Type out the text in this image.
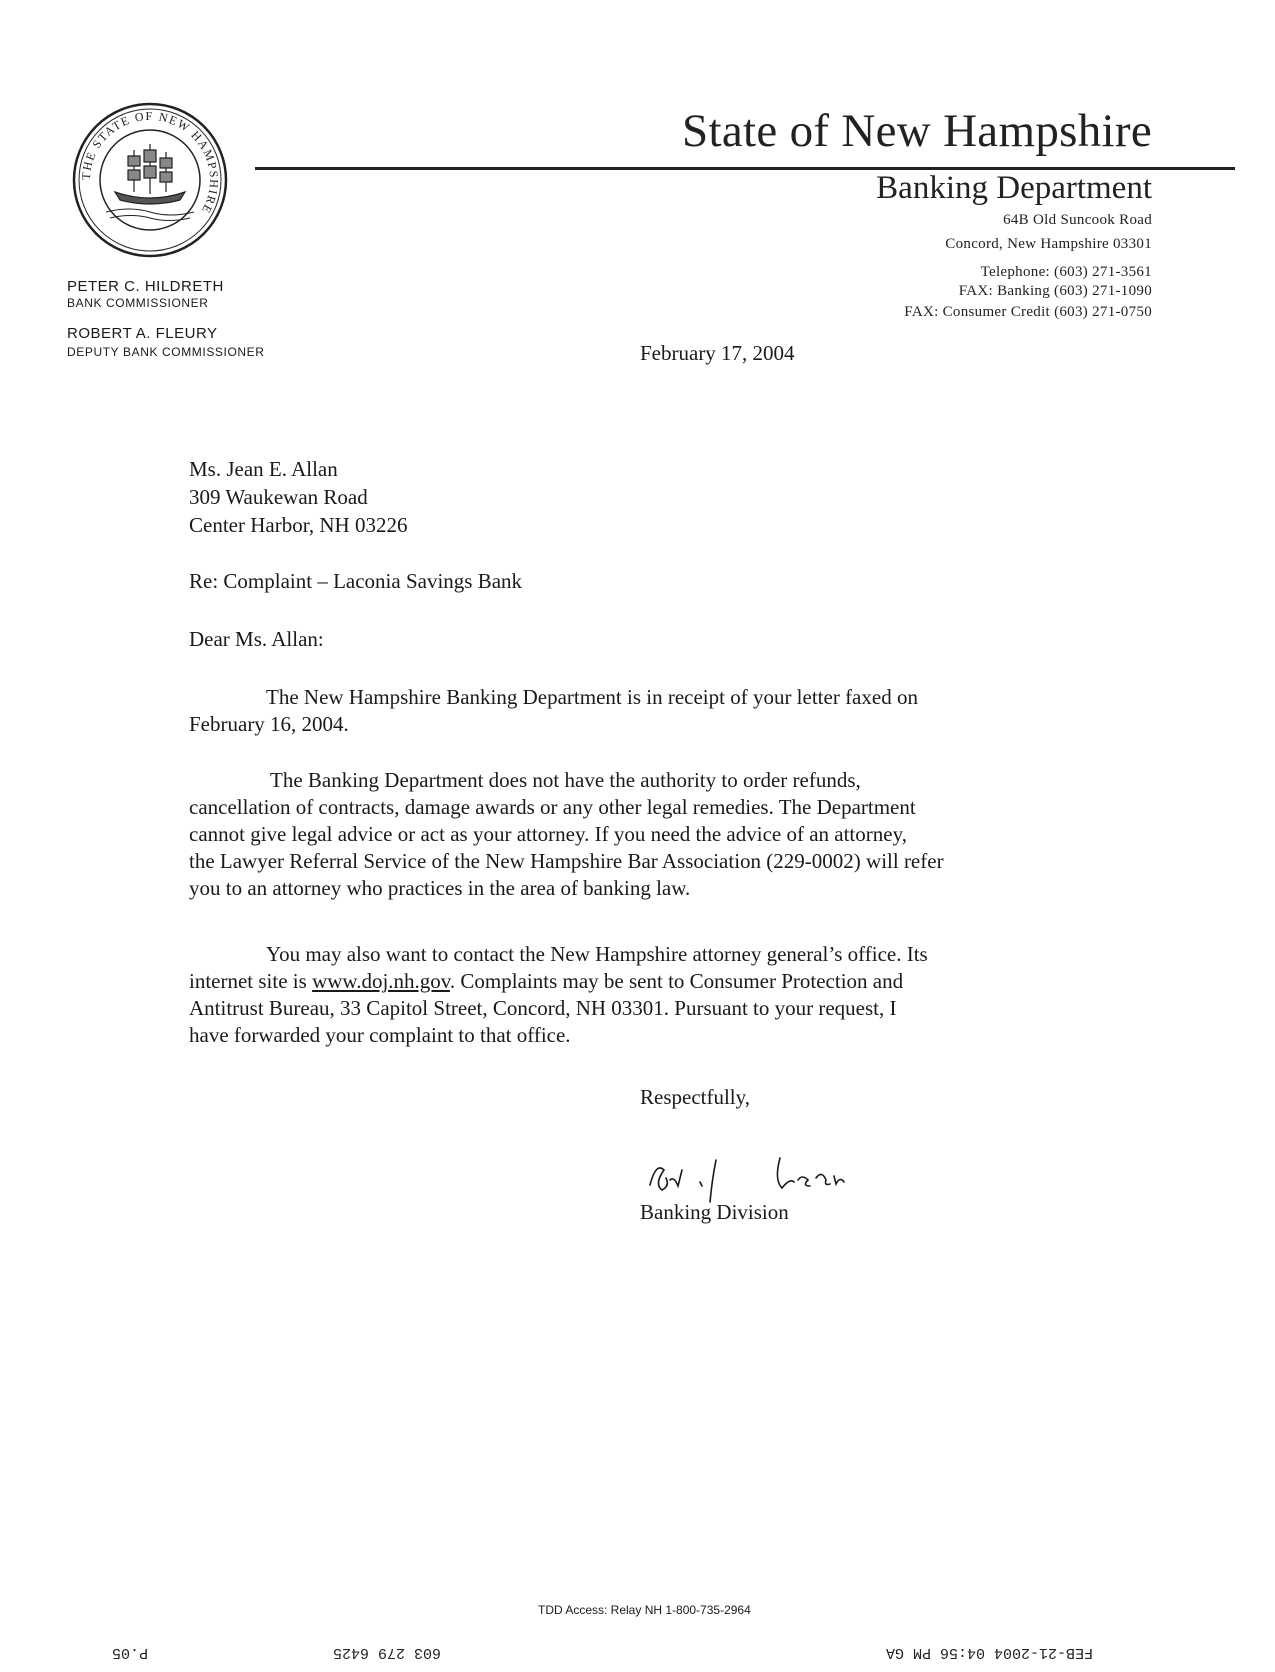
THE STATE OF NEW HAMPSHIRE
State of New Hampshire
Banking Department
64B Old Suncook Road
Concord, New Hampshire 03301
Telephone: (603) 271-3561
FAX: Banking (603) 271-1090
FAX: Consumer Credit (603) 271-0750
PETER C. HILDRETH
BANK COMMISSIONER
ROBERT A. FLEURY
DEPUTY BANK COMMISSIONER	February 17, 2004
Ms. Jean E. Allan
309 Waukewan Road
Center Harbor, NH 03226
Re: Complaint – Laconia Savings Bank
Dear Ms. Allan:
The New Hampshire Banking Department is in receipt of your letter faxed on
February 16, 2004.
The Banking Department does not have the authority to order refunds,
cancellation of contracts, damage awards or any other legal remedies. The Department
cannot give legal advice or act as your attorney. If you need the advice of an attorney,
the Lawyer Referral Service of the New Hampshire Bar Association (229-0002) will refer
you to an attorney who practices in the area of banking law.
You may also want to contact the New Hampshire attorney general’s office. Its
internet site is www.doj.nh.gov. Complaints may be sent to Consumer Protection and
Antitrust Bureau, 33 Capitol Street, Concord, NH 03301. Pursuant to your request, I
have forwarded your complaint to that office.
Respectfully,
Banking Division
TDD Access: Relay NH 1-800-735-2964
FEB-21-2004 04:56 PM GA
603 279 6425
P.05
